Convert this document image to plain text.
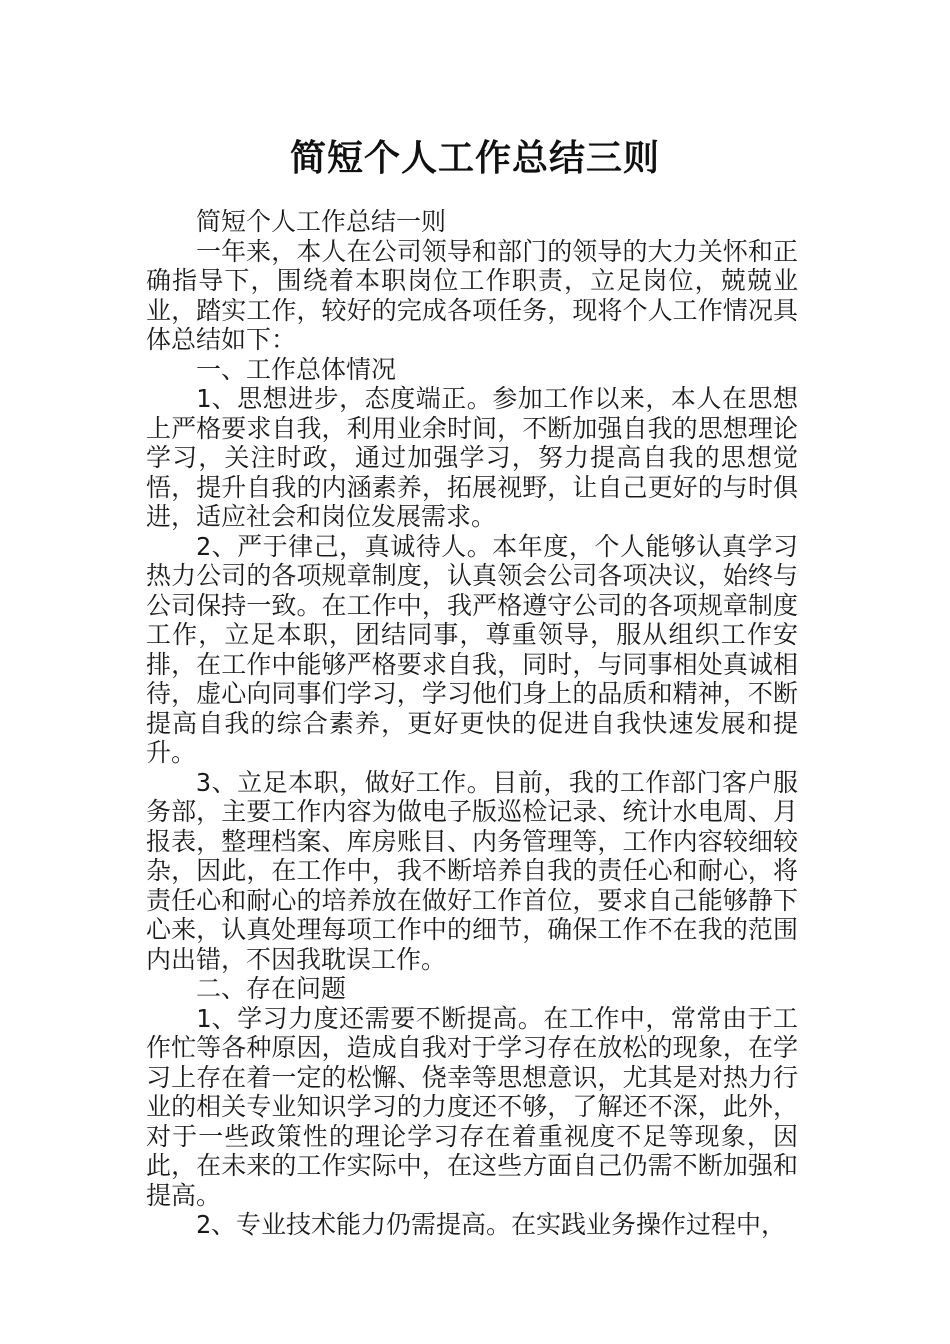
简短个人工作总结三则

简短个人工作总结一则

一年来，本人在公司领导和部门的领导的大力关怀和正确指导下，围绕着本职岗位工作职责，立足岗位，兢兢业业，踏实工作，较好的完成各项任务，现将个人工作情况具体总结如下：

一、工作总体情况

1、思想进步，态度端正。参加工作以来，本人在思想上严格要求自我，利用业余时间，不断加强自我的思想理论学习，关注时政，通过加强学习，努力提高自我的思想觉悟，提升自我的内涵素养，拓展视野，让自己更好的与时俱进，适应社会和岗位发展需求。

2、严于律己，真诚待人。本年度，个人能够认真学习热力公司的各项规章制度，认真领会公司各项决议，始终与公司保持一致。在工作中，我严格遵守公司的各项规章制度工作，立足本职，团结同事，尊重领导，服从组织工作安排，在工作中能够严格要求自我，同时，与同事相处真诚相待，虚心向同事们学习，学习他们身上的品质和精神，不断提高自我的综合素养，更好更快的促进自我快速发展和提升。

3、立足本职，做好工作。目前，我的工作部门客户服务部，主要工作内容为做电子版巡检记录、统计水电周、月报表，整理档案、库房账目、内务管理等，工作内容较细较杂，因此，在工作中，我不断培养自我的责任心和耐心，将责任心和耐心的培养放在做好工作首位，要求自己能够静下心来，认真处理每项工作中的细节，确保工作不在我的范围内出错，不因我耽误工作。

二、存在问题

1、学习力度还需要不断提高。在工作中，常常由于工作忙等各种原因，造成自我对于学习存在放松的现象，在学习上存在着一定的松懈、侥幸等思想意识，尤其是对热力行业的相关专业知识学习的力度还不够，了解还不深，此外，对于一些政策性的理论学习存在着重视度不足等现象，因此，在未来的工作实际中，在这些方面自己仍需不断加强和提高。

2、专业技术能力仍需提高。在实践业务操作过程中，
